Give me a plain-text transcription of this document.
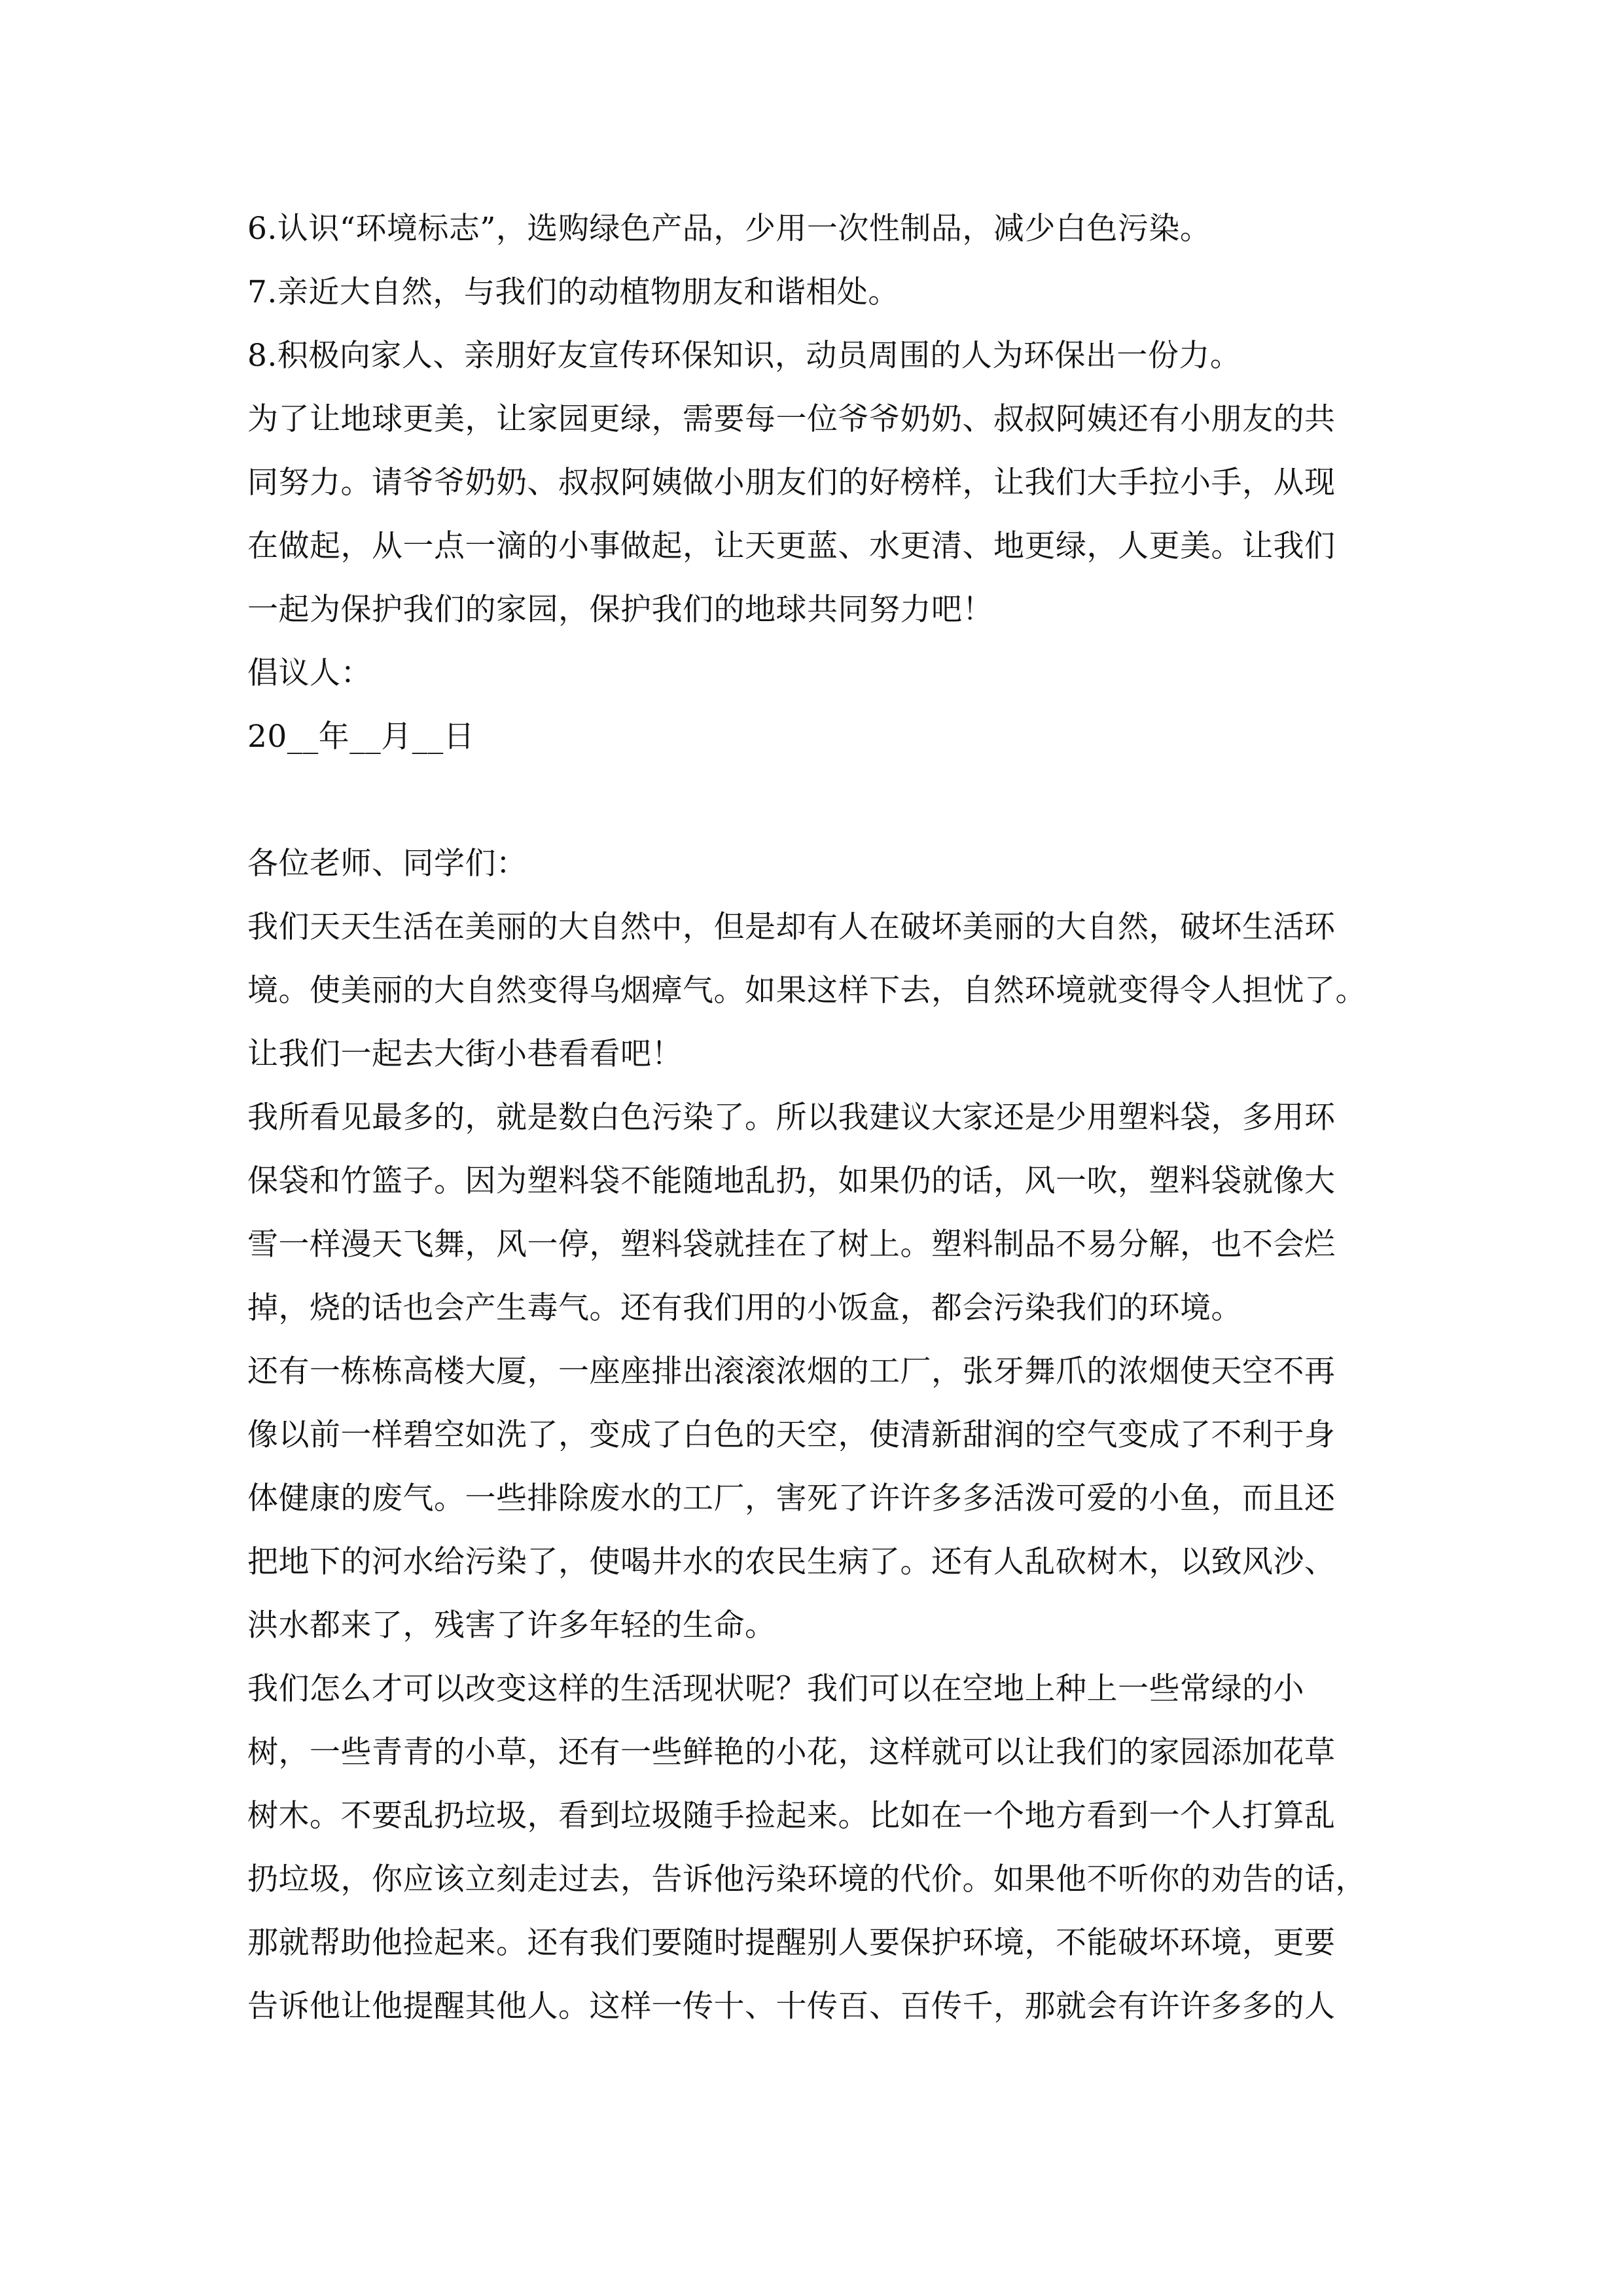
6.认识“环境标志”，选购绿色产品，少用一次性制品，减少白色污染。
7.亲近大自然，与我们的动植物朋友和谐相处。
8.积极向家人、亲朋好友宣传环保知识，动员周围的人为环保出一份力。
为了让地球更美，让家园更绿，需要每一位爷爷奶奶、叔叔阿姨还有小朋友的共
同努力。请爷爷奶奶、叔叔阿姨做小朋友们的好榜样，让我们大手拉小手，从现
在做起，从一点一滴的小事做起，让天更蓝、水更清、地更绿，人更美。让我们
一起为保护我们的家园，保护我们的地球共同努力吧！
倡议人：
20__年__月__日
各位老师、同学们：
我们天天生活在美丽的大自然中，但是却有人在破坏美丽的大自然，破坏生活环
境。使美丽的大自然变得乌烟瘴气。如果这样下去，自然环境就变得令人担忧了。
让我们一起去大街小巷看看吧！
我所看见最多的，就是数白色污染了。所以我建议大家还是少用塑料袋，多用环
保袋和竹篮子。因为塑料袋不能随地乱扔，如果仍的话，风一吹，塑料袋就像大
雪一样漫天飞舞，风一停，塑料袋就挂在了树上。塑料制品不易分解，也不会烂
掉，烧的话也会产生毒气。还有我们用的小饭盒，都会污染我们的环境。
还有一栋栋高楼大厦，一座座排出滚滚浓烟的工厂，张牙舞爪的浓烟使天空不再
像以前一样碧空如洗了，变成了白色的天空，使清新甜润的空气变成了不利于身
体健康的废气。一些排除废水的工厂，害死了许许多多活泼可爱的小鱼，而且还
把地下的河水给污染了，使喝井水的农民生病了。还有人乱砍树木，以致风沙、
洪水都来了，残害了许多年轻的生命。
我们怎么才可以改变这样的生活现状呢？我们可以在空地上种上一些常绿的小
树，一些青青的小草，还有一些鲜艳的小花，这样就可以让我们的家园添加花草
树木。不要乱扔垃圾，看到垃圾随手捡起来。比如在一个地方看到一个人打算乱
扔垃圾，你应该立刻走过去，告诉他污染环境的代价。如果他不听你的劝告的话，
那就帮助他捡起来。还有我们要随时提醒别人要保护环境，不能破坏环境，更要
告诉他让他提醒其他人。这样一传十、十传百、百传千，那就会有许许多多的人
